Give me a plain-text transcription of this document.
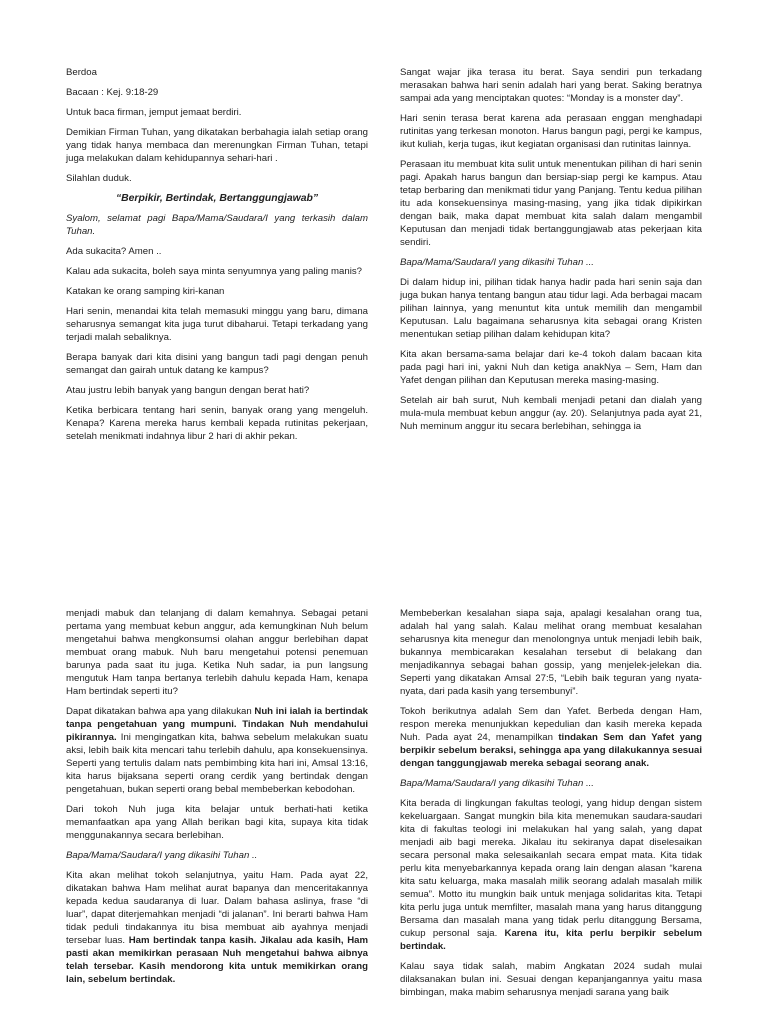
Berdoa

Bacaan : Kej. 9:18-29

Untuk baca firman, jemput jemaat berdiri.

Demikian Firman Tuhan, yang dikatakan berbahagia ialah setiap orang yang tidak hanya membaca dan merenungkan Firman Tuhan, tetapi juga melakukan dalam kehidupannya sehari-hari .

Silahlan duduk.

“Berpikir, Bertindak, Bertanggungjawab”

Syalom, selamat pagi Bapa/Mama/Saudara/I yang terkasih dalam Tuhan.

Ada sukacita? Amen ..

Kalau ada sukacita, boleh saya minta senyumnya yang paling manis?

Katakan ke orang samping kiri-kanan

Hari senin, menandai kita telah memasuki minggu yang baru, dimana seharusnya semangat kita juga turut dibaharui. Tetapi terkadang yang terjadi malah sebaliknya.

Berapa banyak dari kita disini yang bangun tadi pagi dengan penuh semangat dan gairah untuk datang ke kampus?

Atau justru lebih banyak yang bangun dengan berat hati?

Ketika berbicara tentang hari senin, banyak orang yang mengeluh. Kenapa? Karena mereka harus kembali kepada rutinitas pekerjaan, setelah menikmati indahnya libur 2 hari di akhir pekan.

Sangat wajar jika terasa itu berat. Saya sendiri pun terkadang merasakan bahwa hari senin adalah hari yang berat. Saking beratnya sampai ada yang menciptakan quotes: “Monday is a monster day”.

Hari senin terasa berat karena ada perasaan enggan menghadapi rutinitas yang terkesan monoton. Harus bangun pagi, pergi ke kampus, ikut kuliah, kerja tugas, ikut kegiatan organisasi dan rutinitas lainnya.

Perasaan itu membuat kita sulit untuk menentukan pilihan di hari senin pagi. Apakah harus bangun dan bersiap-siap pergi ke kampus. Atau tetap berbaring dan menikmati tidur yang Panjang. Tentu kedua pilihan itu ada konsekuensinya masing-masing, yang jika tidak dipikirkan dengan baik, maka dapat membuat kita salah dalam mengambil Keputusan dan menjadi tidak bertanggungjawab atas pekerjaan kita sendiri.

Bapa/Mama/Saudara/I yang dikasihi Tuhan ...

Di dalam hidup ini, pilihan tidak hanya hadir pada hari senin saja dan juga bukan hanya tentang bangun atau tidur lagi. Ada berbagai macam pilihan lainnya, yang menuntut kita untuk memilih dan mengambil Keputusan. Lalu bagaimana seharusnya kita sebagai orang Kristen menentukan setiap pilihan dalam kehidupan kita?

Kita akan bersama-sama belajar dari ke-4 tokoh dalam bacaan kita pada pagi hari ini, yakni Nuh dan ketiga anakNya – Sem, Ham dan Yafet dengan pilihan dan Keputusan mereka masing-masing.

Setelah air bah surut, Nuh kembali menjadi petani dan dialah yang mula-mula membuat kebun anggur (ay. 20). Selanjutnya pada ayat 21, Nuh meminum anggur itu secara berlebihan, sehingga ia

menjadi mabuk dan telanjang di dalam kemahnya. Sebagai petani pertama yang membuat kebun anggur, ada kemungkinan Nuh belum mengetahui bahwa mengkonsumsi olahan anggur berlebihan dapat membuat orang mabuk. Nuh baru mengetahui potensi penemuan barunya pada saat itu juga. Ketika Nuh sadar, ia pun langsung mengutuk Ham tanpa bertanya terlebih dahulu kepada Ham, kenapa Ham bertindak seperti itu?

Dapat dikatakan bahwa apa yang dilakukan Nuh ini ialah ia bertindak tanpa pengetahuan yang mumpuni. Tindakan Nuh mendahului pikirannya. Ini mengingatkan kita, bahwa sebelum melakukan suatu aksi, lebih baik kita mencari tahu terlebih dahulu, apa konsekuensinya. Seperti yang tertulis dalam nats pembimbing kita hari ini, Amsal 13:16, kita harus bijaksana seperti orang cerdik yang bertindak dengan pengetahuan, bukan seperti orang bebal membeberkan kebodohan.

Dari tokoh Nuh juga kita belajar untuk berhati-hati ketika memanfaatkan apa yang Allah berikan bagi kita, supaya kita tidak menggunakannya secara berlebihan.

Bapa/Mama/Saudara/I yang dikasihi Tuhan ..

Kita akan melihat tokoh selanjutnya, yaitu Ham. Pada ayat 22, dikatakan bahwa Ham melihat aurat bapanya dan menceritakannya kepada kedua saudaranya di luar. Dalam bahasa aslinya, frase “di luar”, dapat diterjemahkan menjadi “di jalanan”. Ini berarti bahwa Ham tidak peduli tindakannya itu bisa membuat aib ayahnya menjadi tersebar luas. Ham bertindak tanpa kasih. Jikalau ada kasih, Ham pasti akan memikirkan perasaan Nuh mengetahui bahwa aibnya telah tersebar. Kasih mendorong kita untuk memikirkan orang lain, sebelum bertindak.

Membeberkan kesalahan siapa saja, apalagi kesalahan orang tua, adalah hal yang salah. Kalau melihat orang membuat kesalahan seharusnya kita menegur dan menolongnya untuk menjadi lebih baik, bukannya membicarakan kesalahan tersebut di belakang dan menjadikannya sebagai bahan gossip, yang menjelek-jelekan dia. Seperti yang dikatakan Amsal 27:5, “Lebih baik teguran yang nyata-nyata, dari pada kasih yang tersembunyi”.

Tokoh berikutnya adalah Sem dan Yafet. Berbeda dengan Ham, respon mereka menunjukkan kepedulian dan kasih mereka kepada Nuh. Pada ayat 24, menampilkan tindakan Sem dan Yafet yang berpikir sebelum beraksi, sehingga apa yang dilakukannya sesuai dengan tanggungjawab mereka sebagai seorang anak.

Bapa/Mama/Saudara/I yang dikasihi Tuhan ...

Kita berada di lingkungan fakultas teologi, yang hidup dengan sistem kekeluargaan. Sangat mungkin bila kita menemukan saudara-saudari kita di fakultas teologi ini melakukan hal yang salah, yang dapat menjadi aib bagi mereka. Jikalau itu sekiranya dapat diselesaikan secara personal maka selesaikanlah secara empat mata. Kita tidak perlu kita menyebarkannya kepada orang lain dengan alasan “karena kita satu keluarga, maka masalah milik seorang adalah masalah milik semua”. Motto itu mungkin baik untuk menjaga solidaritas kita. Tetapi kita perlu juga untuk memfilter, masalah mana yang harus ditanggung Bersama dan masalah mana yang tidak perlu ditanggung Bersama, cukup personal saja. Karena itu, kita perlu berpikir sebelum bertindak.

Kalau saya tidak salah, mabim Angkatan 2024 sudah mulai dilaksanakan bulan ini. Sesuai dengan kepanjangannya yaitu masa bimbingan, maka mabim seharusnya menjadi sarana yang baik
